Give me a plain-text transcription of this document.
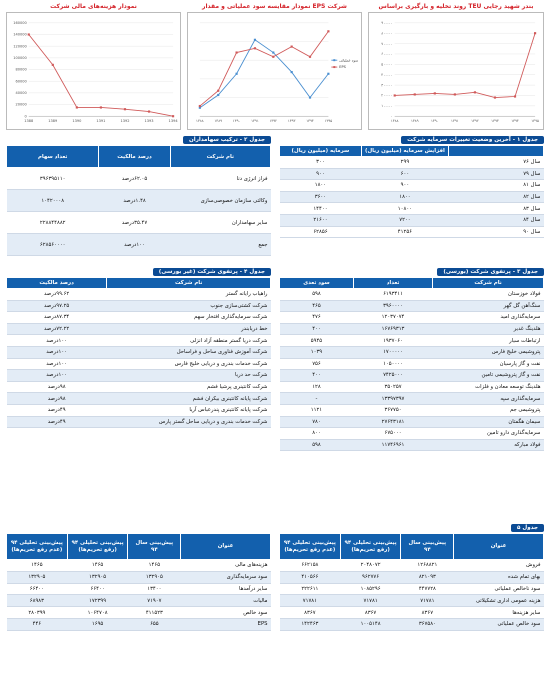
نمودار هزینه‌های مالی شرکت
0
20000
40000
60000
80000
100000
120000
140000
160000
1388	1389	1390	1391	1392	1393	1394
نمودار مقایسه سود عملیاتی و مقدار EPS شرکت
۱۳۸۸	۱۳۸۹	۱۳۹۰	۱۳۹۱	۱۳۹۲	۱۳۹۳	۱۳۹۴	۱۳۹۵
سود عملیاتی
EPS
روند تخلیه و بارگیری براساس TEU بندر شهید رجایی
۰
۱۰۰۰۰۰
۲۰۰۰۰۰
۳۰۰۰۰۰
۴۰۰۰۰۰
۵۰۰۰۰۰
۶۰۰۰۰۰
۷۰۰۰۰۰
۸۰۰۰۰۰
۹۰۰۰۰۰
۱۳۸۸	۱۳۸۹	۱۳۹۰	۱۳۹۱	۱۳۹۲	۱۳۹۳	۱۳۹۴	۱۳۹۵
جدول ۲ - ترکیب سهامداران
نام شرکت	درصد مالکیت	تعداد سهام
فراز انرژی دنا	۶۲.۰۵درصد	۳۹۶۳۹۵۱۱۰
وکالتی سازمان خصوصی‌سازی	۱.۴۸درصد	۱۰۴۲۰۰۰۸
سایر سهامداران	۳۵.۴۷درصد	۲۲۸۸۴۴۸۸۲
جمع	۱۰۰درصد	۶۲۸۵۶۰۰۰۰
جدول ۱ - آخرین وضعیت تغییرات سرمایه شرکت
	افزایش سرمایه (میلیون ریال)	سرمایه (میلیون ریال)
سال ۷۶	۲۹۹	۳۰۰
سال ۷۹	۶۰۰	۹۰۰
سال ۸۱	۹۰۰	۱۸۰۰
سال ۸۲	۱۸۰۰	۳۶۰۰
سال ۸۳	۱۰۸۰۰	۱۴۴۰۰
سال ۸۴	۷۲۰۰	۲۱۶۰۰
سال ۹۰	۴۱۲۵۶	۶۲۸۵۶
جدول ۴ - پرتفوی شرکت (غیر بورسی)
نام شرکت	درصد مالکیت
راهیاب رایانه گستر	۹۹.۶۲درصد
شرکت کشتی‌سازی جنوب	۹۷.۲۵درصد
شرکت سرمایه‌گذاری افتخار سهم	۸۷.۳۴درصد
خط دریابندر	۷۲.۲۲درصد
شرکت دریا گستر منطقه آزاد انزلی	۱۰۰درصد
شرکت آموزش فناوری ساحل و فراساحل	۱۰۰درصد
شرکت خدمات بندری و دریایی خلیج فارس	۱۰۰درصد
شرکت حد دریا	۱۰۰درصد
شرکت کانتینری پرشیا فشم	۹۸درصد
شرکت پایانه کانتینری بیکران فشم	۹۸درصد
شرکت پایانه کانتینری پندرعباس آریا	۴۹درصد
شرکت خدمات بندری و دریایی ساحل گستر پارس	۴۹درصد
جدول ۳ - پرتفوی شرکت (بورسی)
نام شرکت	تعداد	سود تعدی
فولاد خوزستان	۶۱۹۳۴۱۱	۵۹۸
سنگ‌آهن گل گهر	۳۹۶۰۰۰۰	۴۶۵
سرمایه‌گذاری امید	۱۲۰۳۷۰۷۴	۴۷۶
هلدینگ غدیر	۱۶۷۶۹۳۱۳	۴۰۰
ارتباطات سیار	۱۹۳۷۰۶۰	۵۹۴۵
پتروشیمی خلیج فارس	۱۷۰۰۰۰۰	۱۰۳۹
نفت و گاز پارسیان	۱۰۵۰۰۰۰	۷۵۶
نفت و گاز پتروشیمی تامین	۷۴۲۵۰۰۰	۴۰۰
هلدینگ توسعه معادن و فلزات	۳۵۰۲۵۷	۱۲۸
سرمایه‌گذاری سپه	۱۳۳۹۷۳۹۷	-
پتروشیمی جم	۳۶۷۷۵۰	۱۱۲۱
سیمان هگمتان	۲۷۶۴۳۱۸۱	۷۸۰
سرمایه‌گذاری دارو تامین	۶۷۵۰۰۰	۸۰۰
فولاد مبارکه	۱۱۷۴۶۹۶۱	۵۹۸
جدول ۵
عنوان	پیش‌بینی سال ۹۴	پیش‌بینی تحلیلی ۹۴ (رفع تحریم‌ها)	پیش‌بینی تحلیلی ۹۴ (عدم رفع تحریم‌ها)
فروش	۱۲۶۸۸۲۱	۲۰۴۸۰۷۲	۶۶۲۱۵۸
بهای تمام شده	۸۲۱۰۹۳	۹۶۲۷۷۶	۴۱۰۵۶۶
سود ناخالص عملیاتی	۴۴۷۷۲۸	۱۰۸۵۲۹۶	۲۲۲۶۱۱
هزینه عمومی اداری تشکیلاتی	۷۱۷۸۱	۷۱۷۸۱	۷۱۷۸۱
سایر هزینه‌ها	۸۳۶۷	۸۳۶۷	۸۳۶۷
سود خالص عملیاتی	۳۶۷۵۸۰	۱۰۰۵۱۴۸	۱۴۲۴۶۳
عنوان	پیش‌بینی سال ۹۴	پیش‌بینی تحلیلی ۹۴ (رفع تحریم‌ها)	پیش‌بینی تحلیلی ۹۴ (عدم رفع تحریم‌ها)
هزینه‌های مالی	۱۴۶۵	۱۴۶۵	۱۴۶۵
سود سرمایه‌گذاری	۱۳۲۹۰۵	۱۳۲۹۰۵	۱۳۲۹۰۵
سایر درآمدها	۱۳۴۰۰	۶۶۴۰۰	۶۶۴۰۰
مالیات	۷۱۹۰۷	۱۷۲۳۹۹	۶۸۹۸۳
سود خالص	۴۱۱۵۲۳	۱۰۶۴۷۰۸	۲۸۰۳۹۹
EPS	۶۵۵	۱۶۹۵	۴۴۶
